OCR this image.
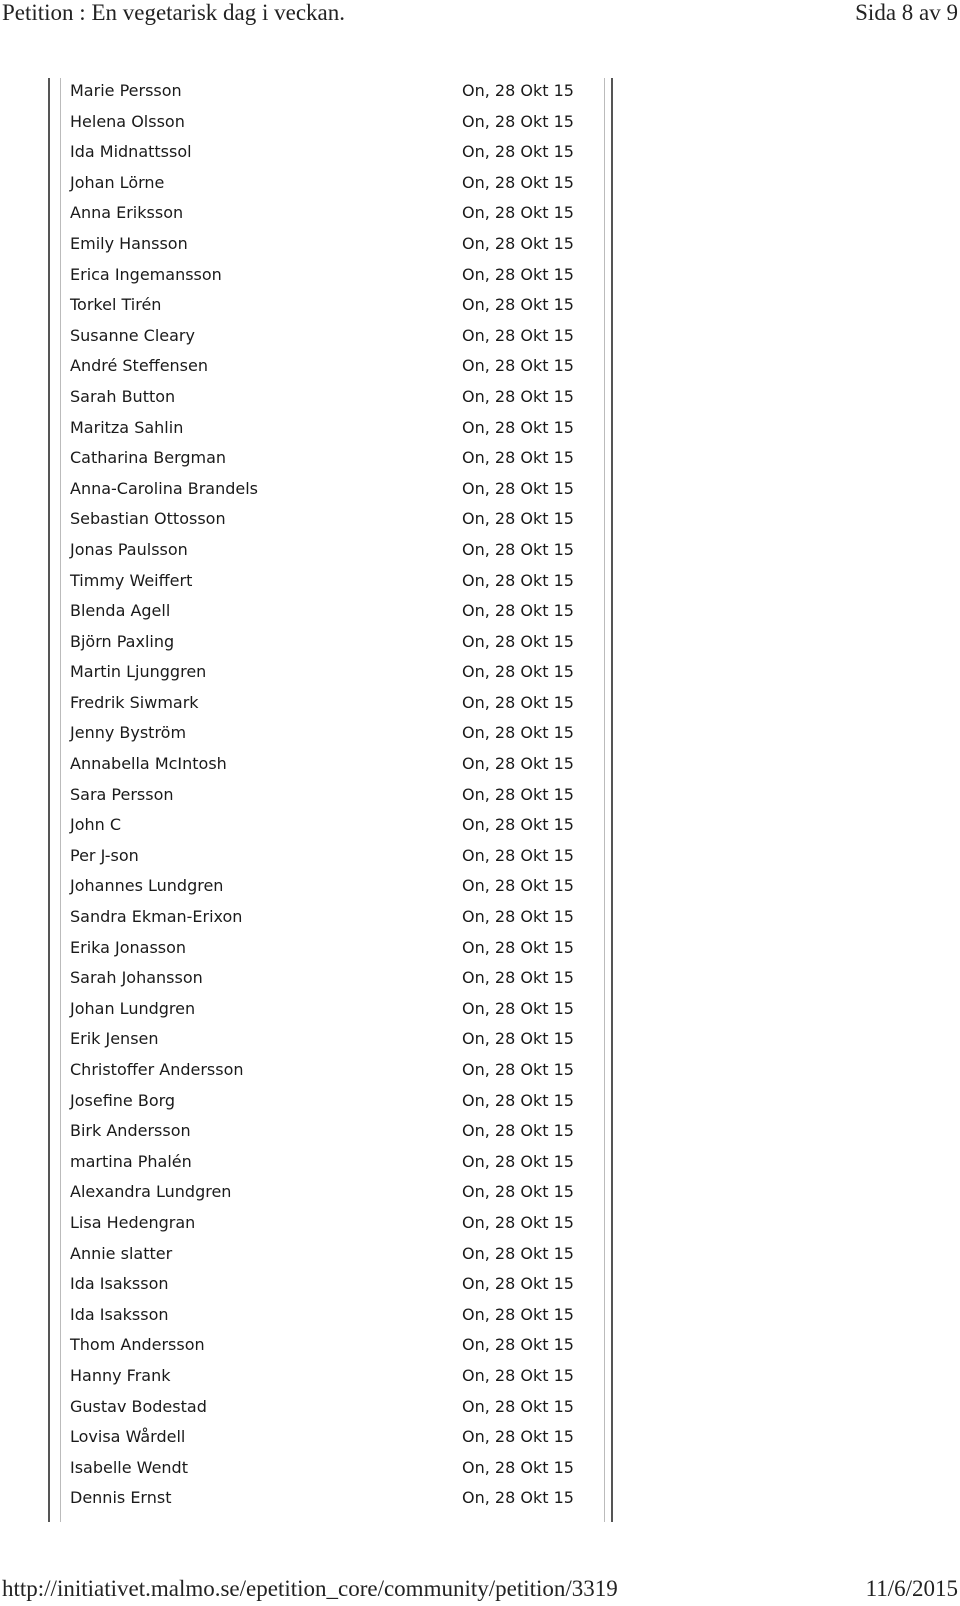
Petition : En vegetarisk dag i veckan.	Sida 8 av 9
Marie Persson	On, 28 Okt 15
Helena Olsson	On, 28 Okt 15
Ida Midnattssol	On, 28 Okt 15
Johan Lörne	On, 28 Okt 15
Anna Eriksson	On, 28 Okt 15
Emily Hansson	On, 28 Okt 15
Erica Ingemansson	On, 28 Okt 15
Torkel Tirén	On, 28 Okt 15
Susanne Cleary	On, 28 Okt 15
André Steffensen	On, 28 Okt 15
Sarah Button	On, 28 Okt 15
Maritza Sahlin	On, 28 Okt 15
Catharina Bergman	On, 28 Okt 15
Anna-Carolina Brandels	On, 28 Okt 15
Sebastian Ottosson	On, 28 Okt 15
Jonas Paulsson	On, 28 Okt 15
Timmy Weiffert	On, 28 Okt 15
Blenda Agell	On, 28 Okt 15
Björn Paxling	On, 28 Okt 15
Martin Ljunggren	On, 28 Okt 15
Fredrik Siwmark	On, 28 Okt 15
Jenny Byström	On, 28 Okt 15
Annabella McIntosh	On, 28 Okt 15
Sara Persson	On, 28 Okt 15
John C	On, 28 Okt 15
Per J-son	On, 28 Okt 15
Johannes Lundgren	On, 28 Okt 15
Sandra Ekman-Erixon	On, 28 Okt 15
Erika Jonasson	On, 28 Okt 15
Sarah Johansson	On, 28 Okt 15
Johan Lundgren	On, 28 Okt 15
Erik Jensen	On, 28 Okt 15
Christoffer Andersson	On, 28 Okt 15
Josefine Borg	On, 28 Okt 15
Birk Andersson	On, 28 Okt 15
martina Phalén	On, 28 Okt 15
Alexandra Lundgren	On, 28 Okt 15
Lisa Hedengran	On, 28 Okt 15
Annie slatter	On, 28 Okt 15
Ida Isaksson	On, 28 Okt 15
Ida Isaksson	On, 28 Okt 15
Thom Andersson	On, 28 Okt 15
Hanny Frank	On, 28 Okt 15
Gustav Bodestad	On, 28 Okt 15
Lovisa Wårdell	On, 28 Okt 15
Isabelle Wendt	On, 28 Okt 15
Dennis Ernst	On, 28 Okt 15
http://initiativet.malmo.se/epetition_core/community/petition/3319	11/6/2015
